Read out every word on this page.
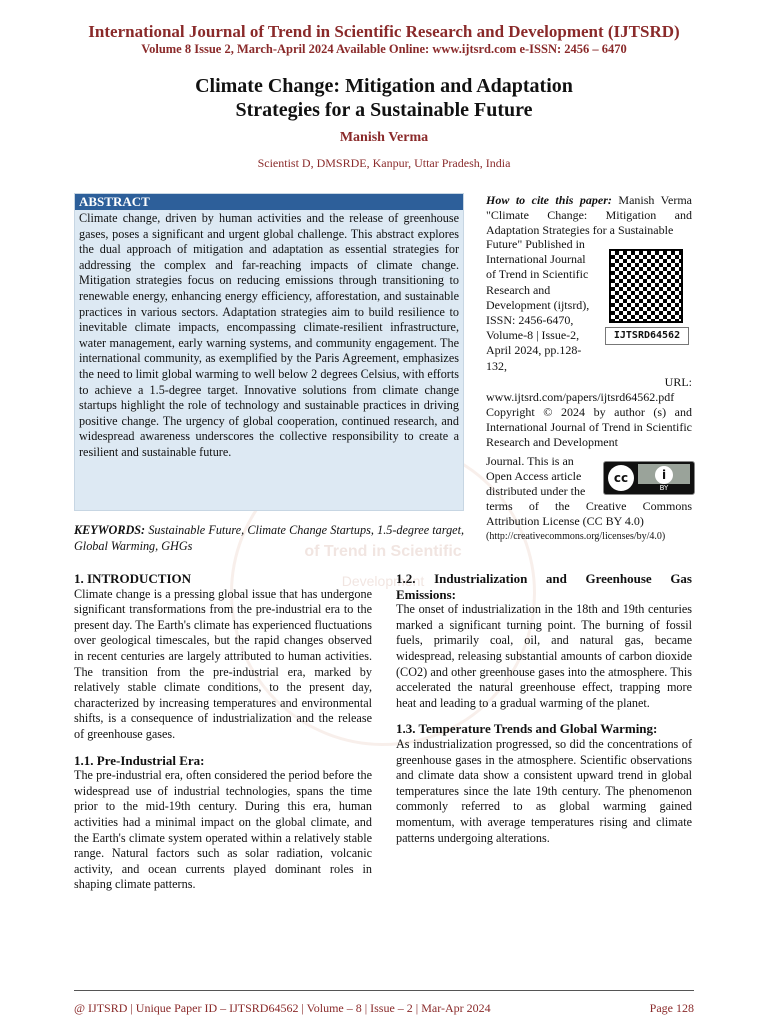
International Journal of Trend in Scientific Research and Development (IJTSRD)
Volume 8 Issue 2, March-April 2024 Available Online: www.ijtsrd.com e-ISSN: 2456 – 6470
Climate Change: Mitigation and Adaptation
Strategies for a Sustainable Future
Manish Verma
Scientist D, DMSRDE, Kanpur, Uttar Pradesh, India
of Trend in Scientific
Development
ABSTRACT
Climate change, driven by human activities and the release of greenhouse gases, poses a significant and urgent global challenge. This abstract explores the dual approach of mitigation and adaptation as essential strategies for addressing the complex and far-reaching impacts of climate change. Mitigation strategies focus on reducing emissions through transitioning to renewable energy, enhancing energy efficiency, afforestation, and sustainable practices in various sectors. Adaptation strategies aim to build resilience to inevitable climate impacts, encompassing climate-resilient infrastructure, water management, early warning systems, and community engagement. The international community, as exemplified by the Paris Agreement, emphasizes the need to limit global warming to well below 2 degrees Celsius, with efforts to achieve a 1.5-degree target. Innovative solutions from climate change startups highlight the role of technology and sustainable practices in driving positive change. The urgency of global cooperation, continued research, and widespread awareness underscores the collective responsibility to create a resilient and sustainable future.
KEYWORDS: Sustainable Future, Climate Change Startups, 1.5-degree target, Global Warming, GHGs
How to cite this paper: Manish Verma "Climate Change: Mitigation and Adaptation Strategies for a Sustainable
Future" Published in International Journal of Trend in Scientific Research and Development (ijtsrd), ISSN: 2456-6470, Volume-8 | Issue-2, April 2024, pp.128-132,
IJTSRD64562
URL:
www.ijtsrd.com/papers/ijtsrd64562.pdf
Copyright © 2024 by author (s) and International Journal of Trend in Scientific Research and Development
Journal. This is an Open Access article distributed under the
cc	i
BY
terms of the Creative Commons Attribution License (CC BY 4.0)
(http://creativecommons.org/licenses/by/4.0)
1. INTRODUCTION
Climate change is a pressing global issue that has undergone significant transformations from the pre-industrial era to the present day. The Earth's climate has experienced fluctuations over geological timescales, but the rapid changes observed in recent centuries are largely attributed to human activities. The transition from the pre-industrial era, marked by relatively stable climate conditions, to the present day, characterized by increasing temperatures and environmental shifts, is a consequence of industrialization and the release of greenhouse gases.
1.1. Pre-Industrial Era:
The pre-industrial era, often considered the period before the widespread use of industrial technologies, spans the time prior to the mid-19th century. During this era, human activities had a minimal impact on the global climate, and the Earth's climate system operated within a relatively stable range. Natural factors such as solar radiation, volcanic activity, and ocean currents played dominant roles in shaping climate patterns.
1.2. Industrialization and Greenhouse Gas Emissions:
The onset of industrialization in the 18th and 19th centuries marked a significant turning point. The burning of fossil fuels, primarily coal, oil, and natural gas, became widespread, releasing substantial amounts of carbon dioxide (CO2) and other greenhouse gases into the atmosphere. This accelerated the natural greenhouse effect, trapping more heat and leading to a gradual warming of the planet.
1.3. Temperature Trends and Global Warming:
As industrialization progressed, so did the concentrations of greenhouse gases in the atmosphere. Scientific observations and climate data show a consistent upward trend in global temperatures since the late 19th century. The phenomenon commonly referred to as global warming gained momentum, with average temperatures rising and climate patterns undergoing alterations.
@ IJTSRD | Unique Paper ID – IJTSRD64562 | Volume – 8 | Issue – 2 | Mar-Apr 2024	Page 128
